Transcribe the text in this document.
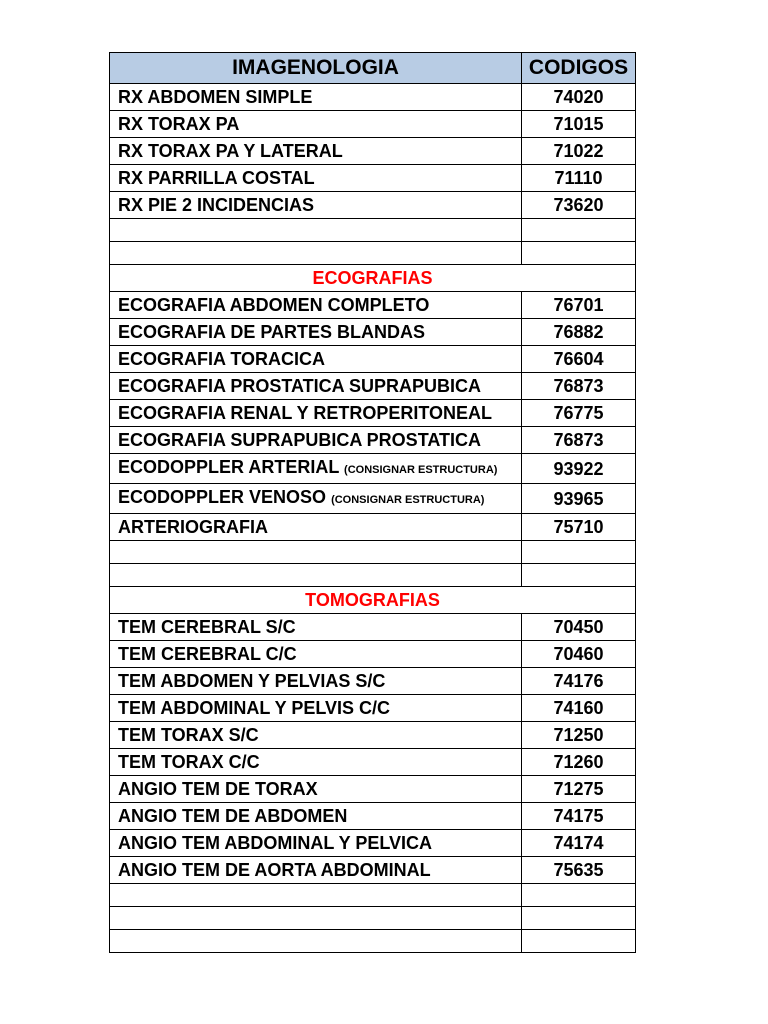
IMAGENOLOGIA	CODIGOS
RX ABDOMEN SIMPLE	74020
RX TORAX PA	71015
RX TORAX PA Y LATERAL	71022
RX PARRILLA COSTAL	71110
RX PIE 2 INCIDENCIAS	73620

ECOGRAFIAS	
ECOGRAFIA ABDOMEN COMPLETO	76701
ECOGRAFIA DE PARTES BLANDAS	76882
ECOGRAFIA TORACICA	76604
ECOGRAFIA PROSTATICA SUPRAPUBICA	76873
ECOGRAFIA RENAL Y RETROPERITONEAL	76775
ECOGRAFIA SUPRAPUBICA PROSTATICA	76873
ECODOPPLER ARTERIAL (CONSIGNAR ESTRUCTURA)	93922
ECODOPPLER VENOSO (CONSIGNAR ESTRUCTURA)	93965
ARTERIOGRAFIA	75710

TOMOGRAFIAS	
TEM CEREBRAL S/C	70450
TEM CEREBRAL C/C	70460
TEM ABDOMEN Y PELVIAS S/C	74176
TEM ABDOMINAL Y PELVIS C/C	74160
TEM TORAX S/C	71250
TEM TORAX C/C	71260
ANGIO TEM DE TORAX	71275
ANGIO TEM DE ABDOMEN	74175
ANGIO TEM ABDOMINAL Y PELVICA	74174
ANGIO TEM DE AORTA ABDOMINAL	75635
